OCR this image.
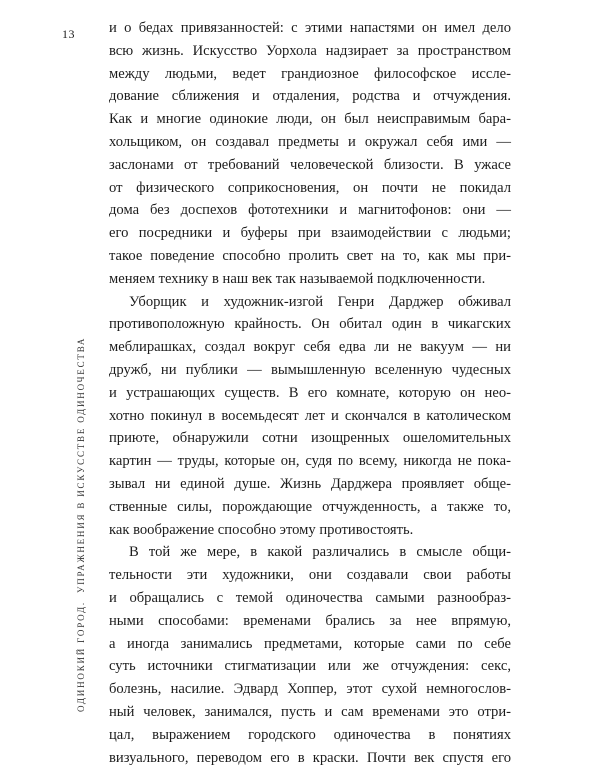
13
ОДИНОКИЙ ГОРОД. УПРАЖНЕНИЯ В ИСКУССТВЕ ОДИНОЧЕСТВА
и о бедах привязанностей: с этими напастями он имел дело
всю жизнь. Искусство Уорхола надзирает за пространством
между людьми, ведет грандиозное философское иссле-
дование сближения и отдаления, родства и отчуждения.
Как и многие одинокие люди, он был неисправимым бара-
хольщиком, он создавал предметы и окружал себя ими —
заслонами от требований человеческой близости. В ужасе
от физического соприкосновения, он почти не покидал
дома без доспехов фототехники и магнитофонов: они —
его посредники и буферы при взаимодействии с людьми;
такое поведение способно пролить свет на то, как мы при-
меняем технику в наш век так называемой подключенности.
Уборщик и художник-изгой Генри Дарджер обживал
противоположную крайность. Он обитал один в чикагских
меблирашках, создал вокруг себя едва ли не вакуум — ни
дружб, ни публики — вымышленную вселенную чудесных
и устрашающих существ. В его комнате, которую он нео-
хотно покинул в восемьдесят лет и скончался в католическом
приюте, обнаружили сотни изощренных ошеломительных
картин — труды, которые он, судя по всему, никогда не пока-
зывал ни единой душе. Жизнь Дарджера проявляет обще-
ственные силы, порождающие отчужденность, а также то,
как воображение способно этому противостоять.
В той же мере, в какой различались в смысле общи-
тельности эти художники, они создавали свои работы
и обращались с темой одиночества самыми разнообраз-
ными способами: временами брались за нее впрямую,
а иногда занимались предметами, которые сами по себе
суть источники стигматизации или же отчуждения: секс,
болезнь, насилие. Эдвард Хоппер, этот сухой немногослов-
ный человек, занимался, пусть и сам временами это отри-
цал, выражением городского одиночества в понятиях
визуального, переводом его в краски. Почти век спустя его
